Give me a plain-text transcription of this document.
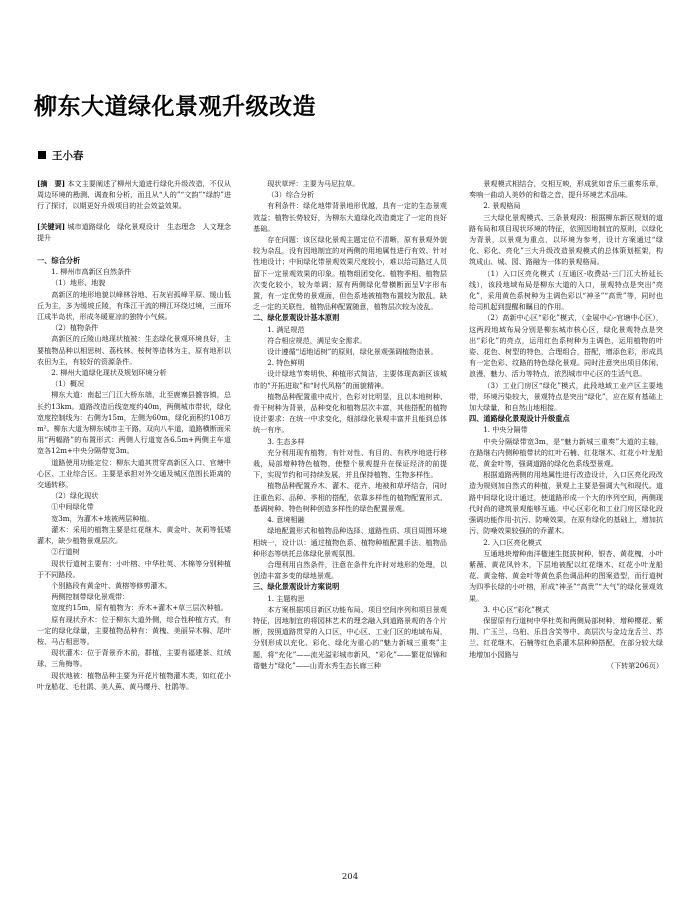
柳东大道绿化景观升级改造
王小春

[摘　要] 本文主要阐述了柳州大道进行绿化升级改造，不仅从周边环境的勘测、调查和分析，而且从“人的”“文韵”“绿韵”进行了探讨，以期更好升级项目的社会效益效果。

[关键词] 城市道路绿化　绿化景观设计　生态理念　人文理念提升

一、综合分析

1. 柳州市高新区自然条件

（1）地形、地貌

高新区的地形地貌以峰林谷地、石灰岩孤峰平原、缓山低丘为主，多为缓坡丘陵，有珠江干流的柳江环绕过境，三面环江成半岛状，形成冬暖夏凉的独特小气候。

（2）植物条件

高新区的丘陵山地现状植被：生态绿化景观环境良好，主要植物品种以相思树、荔枝林、桉树等造林为主，原有地形以农田为主，有较好的资源条件。

2. 柳州大道绿化现状及规划环境分析

（1）概况

柳东大道：南起三门江大桥东端，北至鹿寨县雒容镇，总长约13km。道路改造后线宽度约40m，两侧城市带状，绿化宽度控制线为：右侧为15m，左侧为60m，绿化面积约108万m²。柳东大道为柳东城市主干路，双向八车道，道路横断面采用“两幅路”的布置形式：两侧人行道宽各6.5m+两侧主车道宽各12m+中央分隔带宽3m。

道路使用功能定位：柳东大道其贯穿高新区入口、官塘中心区、工业综合区。主要是承担对外交通及城区范围长距离的交通转移。

（2）绿化现状

①中间绿化带

宽3m，为灌木+地被两层种植。

灌木：采用的植物主要是红花继木、黄金叶、灰莉等低矮灌木，缺少植物景观层次。

②行道树

现状行道树主要有：小叶榕、中华杜英、木棉等分别种植于不同路段。

个别路段有黄金叶、黄榕等修剪灌木。

两侧控制带绿化景观带：

宽度约15m，原有植物为：乔木+灌木+草三层次种植。

原有现状乔木：位于柳东大道外侧，综合性种植方式，有一定的绿化绿量，主要植物品种有：黄槐、美丽异木棉、尾叶桉、马占相思等。

现状灌木：位于背景乔木前，群植，主要有福建茶、红绒球、三角梅等。

现状地被：植物品种主要为开花片植物灌木类，如红花小叶龙船花、毛杜鹃、美人蕉、黄马缨丹、杜鹃等。

现状草坪：主要为马尼拉草。

（3）综合分析

有利条件：绿化地带背景地形优越，具有一定的生态景观效益；植物长势较好，为柳东大道绿化改造奠定了一定的良好基础。

存在问题：该区绿化景观主题定位不清晰，原有景观外貌较为杂乱，没有因地制宜的对两侧的用地属性进行有效、针对性地设计；中间绿化带景观效果尺度较小，难以给司路过人员留下一定景观效果的印象。植物组团变化、植物季相、植物层次变化较小，较为单调；原有两侧绿化带横断面呈V字形布置，有一定优势的景观面，但色系地被植物布置较为散乱，缺乏一定的关联性，植物品种配置随意，植物层次较为凌乱。

二、绿化景观设计基本原则

1. 满足规范

符合相应规范，满足安全需求。

设计遵循“适地适树”的原则，绿化景观强调植物造景。

2. 特色鲜明

设计绿地节奏明快、种植形式简洁，主要体现高新区该城市的“开拓进取”和“时代风格”的面貌精神。

植物品种配置重中成片，色彩对比明显，且以本地树种、骨干树种为背景，品种变化和植物层次丰富，其他搭配的植物设计要求：在统一中求变化，细部绿化景观丰富并且能到总体统一有序。

3. 生态多样

充分利用现有植物，有针对性、有目的、有秩序地进行移栽，局部增种特色植物，使整个景观提升在保证经济的前提下，实现节约和可持续发展，并且保持植物、生物多样性。

植物品种配置乔木、灌木、花卉、地被和草坪结合，同时注重色彩、品种、季相的搭配，依靠多样性的植物配置形式、基调树种、特色树种创造多样性的绿色配置景观。

4. 意境相融

绿地配置形式和植物品种选择、道路性质、项目周围环境相统一，设计以：通过植物色系、植物种植配置手法、植物品种形态等烘托总体绿化景观氛围。

合理利用自然条件，注意在条件允许时对地形的处理，以创造丰富多变的绿地景观。

三、绿化景观设计方案说明

1. 主题构思

本方案根据项目新区功能布局、项目空间序列和项目景观特征，因地制宜的将园林艺术的理念融入到道路景观的各个片断，按照道路贯穿的入口区、中心区、工业门区的地域布局，分别形成以充化、彩化、绿化为重心的“魅力新城三重奏”主题，将“充化”——流光溢彩城市新风，“彩化”——繁花似锦和谐魅力“绿化”——山青水秀生态长廊三种

景观模式相结合，交相互映，形成犹如音乐三重奏乐章，奏响一曲动人美妙的和谐之音，提升环境艺术品味。

2. 景观格局

三大绿化景观模式、三条景观段：根据柳东新区规划的道路布局和项目现状环境的特征，依照因地制宜的原则，以绿化为背景，以景观为重点，以环境为参考，设计方案通过“绿化、彩化、亮化”三大升级改造景观模式的总体策划框架，构筑成山、城、园、路融为一体的景观格局。

（1）入口区亮化模式（互通区-收费站-三门江大桥延长线），该段地域布局是柳东大道的入口，景观特点是突出“亮化”，采用黄色系树种为主调色彩以“神圣”“高贵”等，同时也给司机起到提醒和瞩目的作用。

（2）高新中心区“彩化”模式，（金展中心-官塘中心区），这两段地域布局分别是柳东城市核心区，绿化景观特点是突出“彩化”的亮点，运用红色系树种为主调色，运用植物的叶姿、花色、树型的特色，合理组合，搭配，增添色彩，形成具有一定色彩、纹路的特色绿化景观。同时注意突出项目体闲、浪漫、魅力、活力等特点，浓烈城市中心区的生活气息。

（3）工业门房区“绿化”模式，此段地域工业产区主要地带，环境污染较大，景观特点是突出“绿化”，应在原有基础上加大绿量，和自然山地相接。

四、道路绿化景观设计升级重点

1. 中央分隔带

中央分隔绿带宽3m，是“魅力新城三重奏”大道的主轴，在路继右内侧种植带状的红叶石楠、红花继木、红花小叶龙船花、黄金叶等，强调道路的绿化色系线型景观。

根据道路两侧的用地属性进行改造设计，入口区亮化段改造为规则加自然式的种植，景观上主要是强调大气和现代。道路中间绿化设计通过，使道路形成一个大的序列空间，两侧现代时尚的建筑景观能够互通。中心区彩化和工业门房区绿化段强调功能作用-抗污、防噪效果，在原有绿化的基础上，增加抗污、防噪效果较强的的乔灌木。

2. 入口区亮化模式

互通地块增种南洋楹速生挺拔树种，银杏、黄花槐，小叶紫薇、黄花风铃木，下层地被配以红花继木、红花小叶龙船花、黄金榕、黄金叶等黄色系色调品种的图案造型，而行道树为四季长绿的小叶榕，形成“神圣”“高贵”“大气”的绿化景观效果。

3. 中心区“彩化”模式

保留原有行道树中华杜英和两侧局部树种，增种樱花、紫荆、广玉兰、乌桕、乐昌含笑等中、高层次与金边龙舌兰、苏兰、红花继木、石楠等红色系灌木层种种搭配，在部分较大绿地增加小园路与

（下转第206页）

204
